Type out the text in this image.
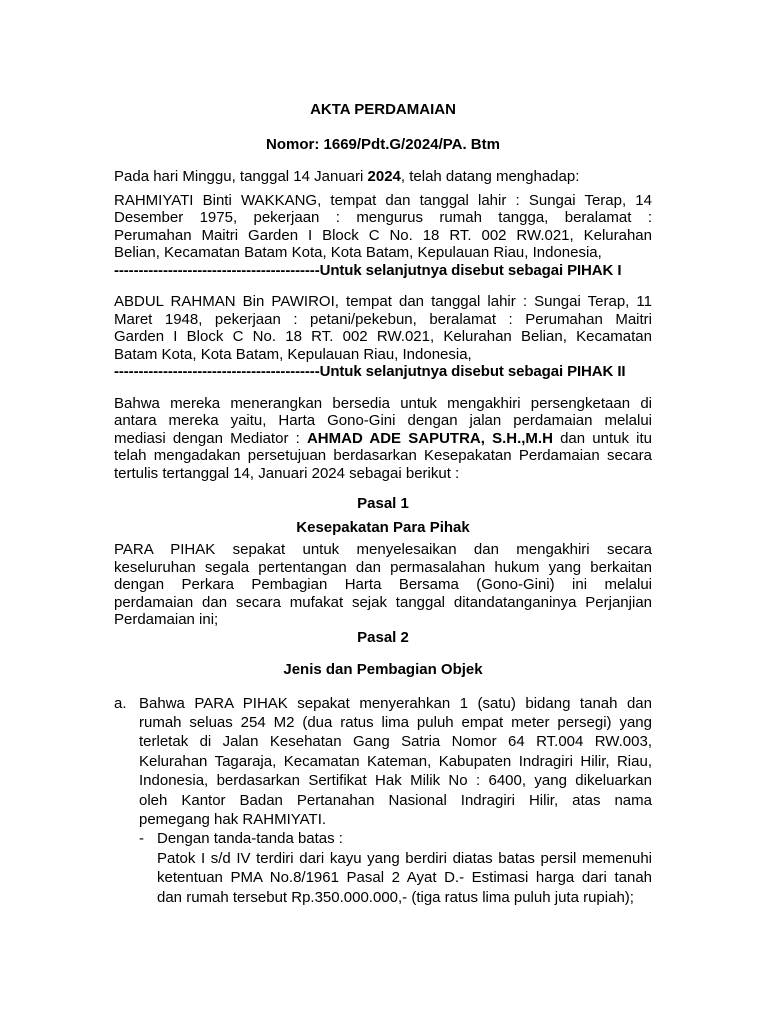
AKTA PERDAMAIAN
Nomor: 1669/Pdt.G/2024/PA. Btm
Pada hari Minggu, tanggal 14 Januari 2024, telah datang menghadap:
RAHMIYATI Binti WAKKANG, tempat dan tanggal lahir : Sungai Terap, 14
Desember 1975, pekerjaan : mengurus rumah tangga, beralamat :
Perumahan Maitri Garden I Block C No. 18 RT. 002 RW.021, Kelurahan
Belian, Kecamatan Batam Kota, Kota Batam, Kepulauan Riau, Indonesia,
------------------------------------------Untuk selanjutnya disebut sebagai PIHAK I
ABDUL RAHMAN Bin PAWIROI, tempat dan tanggal lahir : Sungai Terap, 11
Maret 1948, pekerjaan : petani/pekebun, beralamat : Perumahan Maitri
Garden I Block C No. 18 RT. 002 RW.021, Kelurahan Belian, Kecamatan
Batam Kota, Kota Batam, Kepulauan Riau, Indonesia,
------------------------------------------Untuk selanjutnya disebut sebagai PIHAK II
Bahwa mereka menerangkan bersedia untuk mengakhiri persengketaan di
antara mereka yaitu, Harta Gono-Gini dengan jalan perdamaian melalui
mediasi dengan Mediator : AHMAD ADE SAPUTRA, S.H.,M.H dan untuk itu
telah mengadakan persetujuan berdasarkan Kesepakatan Perdamaian secara
tertulis tertanggal 14, Januari 2024 sebagai berikut :
Pasal 1
Kesepakatan Para Pihak
PARA PIHAK sepakat untuk menyelesaikan dan mengakhiri secara
keseluruhan segala pertentangan dan permasalahan hukum yang berkaitan
dengan Perkara Pembagian Harta Bersama (Gono-Gini) ini melalui
perdamaian dan secara mufakat sejak tanggal ditandatanganinya Perjanjian
Perdamaian ini;
Pasal 2
Jenis dan Pembagian Objek
a. Bahwa PARA PIHAK sepakat menyerahkan 1 (satu) bidang tanah dan
rumah seluas 254 M2 (dua ratus lima puluh empat meter persegi) yang
terletak di Jalan Kesehatan Gang Satria Nomor 64 RT.004 RW.003,
Kelurahan Tagaraja, Kecamatan Kateman, Kabupaten Indragiri Hilir, Riau,
Indonesia, berdasarkan Sertifikat Hak Milik No : 6400, yang dikeluarkan
oleh Kantor Badan Pertanahan Nasional Indragiri Hilir, atas nama
pemegang hak RAHMIYATI.
- Dengan tanda-tanda batas :
Patok I s/d IV terdiri dari kayu yang berdiri diatas batas persil memenuhi
ketentuan PMA No.8/1961 Pasal 2 Ayat D.- Estimasi harga dari tanah
dan rumah tersebut Rp.350.000.000,- (tiga ratus lima puluh juta rupiah);
